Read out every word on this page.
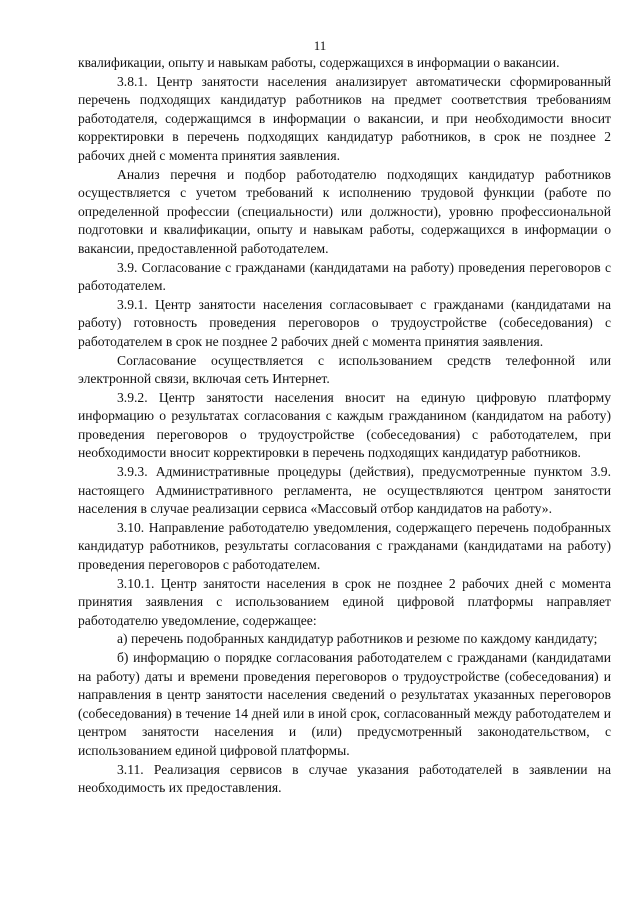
11

квалификации, опыту и навыкам работы, содержащихся в информации о вакансии.

3.8.1. Центр занятости населения анализирует автоматически сформированный перечень подходящих кандидатур работников на предмет соответствия требованиям работодателя, содержащимся в информации о вакансии, и при необходимости вносит корректировки в перечень подходящих кандидатур работников, в срок не позднее 2 рабочих дней с момента принятия заявления.

Анализ перечня и подбор работодателю подходящих кандидатур работников осуществляется с учетом требований к исполнению трудовой функции (работе по определенной профессии (специальности) или должности), уровню профессиональной подготовки и квалификации, опыту и навыкам работы, содержащихся в информации о вакансии, предоставленной работодателем.

3.9. Согласование с гражданами (кандидатами на работу) проведения переговоров с работодателем.

3.9.1. Центр занятости населения согласовывает с гражданами (кандидатами на работу) готовность проведения переговоров о трудоустройстве (собеседования) с работодателем в срок не позднее 2 рабочих дней с момента принятия заявления.

Согласование осуществляется с использованием средств телефонной или электронной связи, включая сеть Интернет.

3.9.2. Центр занятости населения вносит на единую цифровую платформу информацию о результатах согласования с каждым гражданином (кандидатом на работу) проведения переговоров о трудоустройстве (собеседования) с работодателем, при необходимости вносит корректировки в перечень подходящих кандидатур работников.

3.9.3. Административные процедуры (действия), предусмотренные пунктом 3.9. настоящего Административного регламента, не осуществляются центром занятости населения в случае реализации сервиса «Массовый отбор кандидатов на работу».

3.10. Направление работодателю уведомления, содержащего перечень подобранных кандидатур работников, результаты согласования с гражданами (кандидатами на работу) проведения переговоров с работодателем.

3.10.1. Центр занятости населения в срок не позднее 2 рабочих дней с момента принятия заявления с использованием единой цифровой платформы направляет работодателю уведомление, содержащее:

а) перечень подобранных кандидатур работников и резюме по каждому кандидату;

б) информацию о порядке согласования работодателем с гражданами (кандидатами на работу) даты и времени проведения переговоров о трудоустройстве (собеседования) и направления в центр занятости населения сведений о результатах указанных переговоров (собеседования) в течение 14 дней или в иной срок, согласованный между работодателем и центром занятости населения и (или) предусмотренный законодательством, с использованием единой цифровой платформы.

3.11. Реализация сервисов в случае указания работодателей в заявлении на необходимость их предоставления.
